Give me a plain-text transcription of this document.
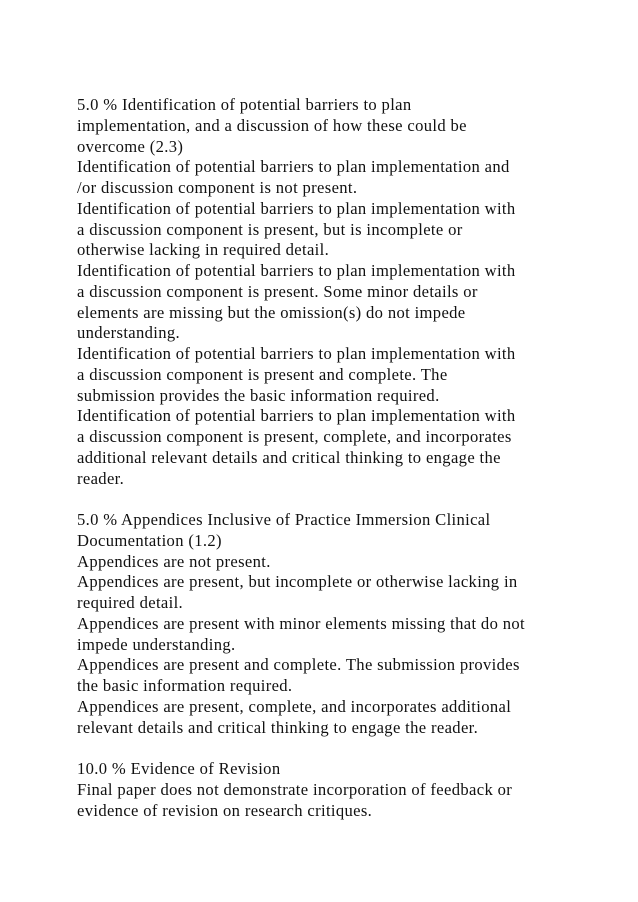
5.0 % Identification of potential barriers to plan
implementation, and a discussion of how these could be
overcome (2.3)
Identification of potential barriers to plan implementation and
/or discussion component is not present.
Identification of potential barriers to plan implementation with
a discussion component is present, but is incomplete or
otherwise lacking in required detail.
Identification of potential barriers to plan implementation with
a discussion component is present. Some minor details or
elements are missing but the omission(s) do not impede
understanding.
Identification of potential barriers to plan implementation with
a discussion component is present and complete. The
submission provides the basic information required.
Identification of potential barriers to plan implementation with
a discussion component is present, complete, and incorporates
additional relevant details and critical thinking to engage the
reader.
5.0 % Appendices Inclusive of Practice Immersion Clinical
Documentation (1.2)
Appendices are not present.
Appendices are present, but incomplete or otherwise lacking in
required detail.
Appendices are present with minor elements missing that do not
impede understanding.
Appendices are present and complete. The submission provides
the basic information required.
Appendices are present, complete, and incorporates additional
relevant details and critical thinking to engage the reader.
10.0 % Evidence of Revision
Final paper does not demonstrate incorporation of feedback or
evidence of revision on research critiques.
